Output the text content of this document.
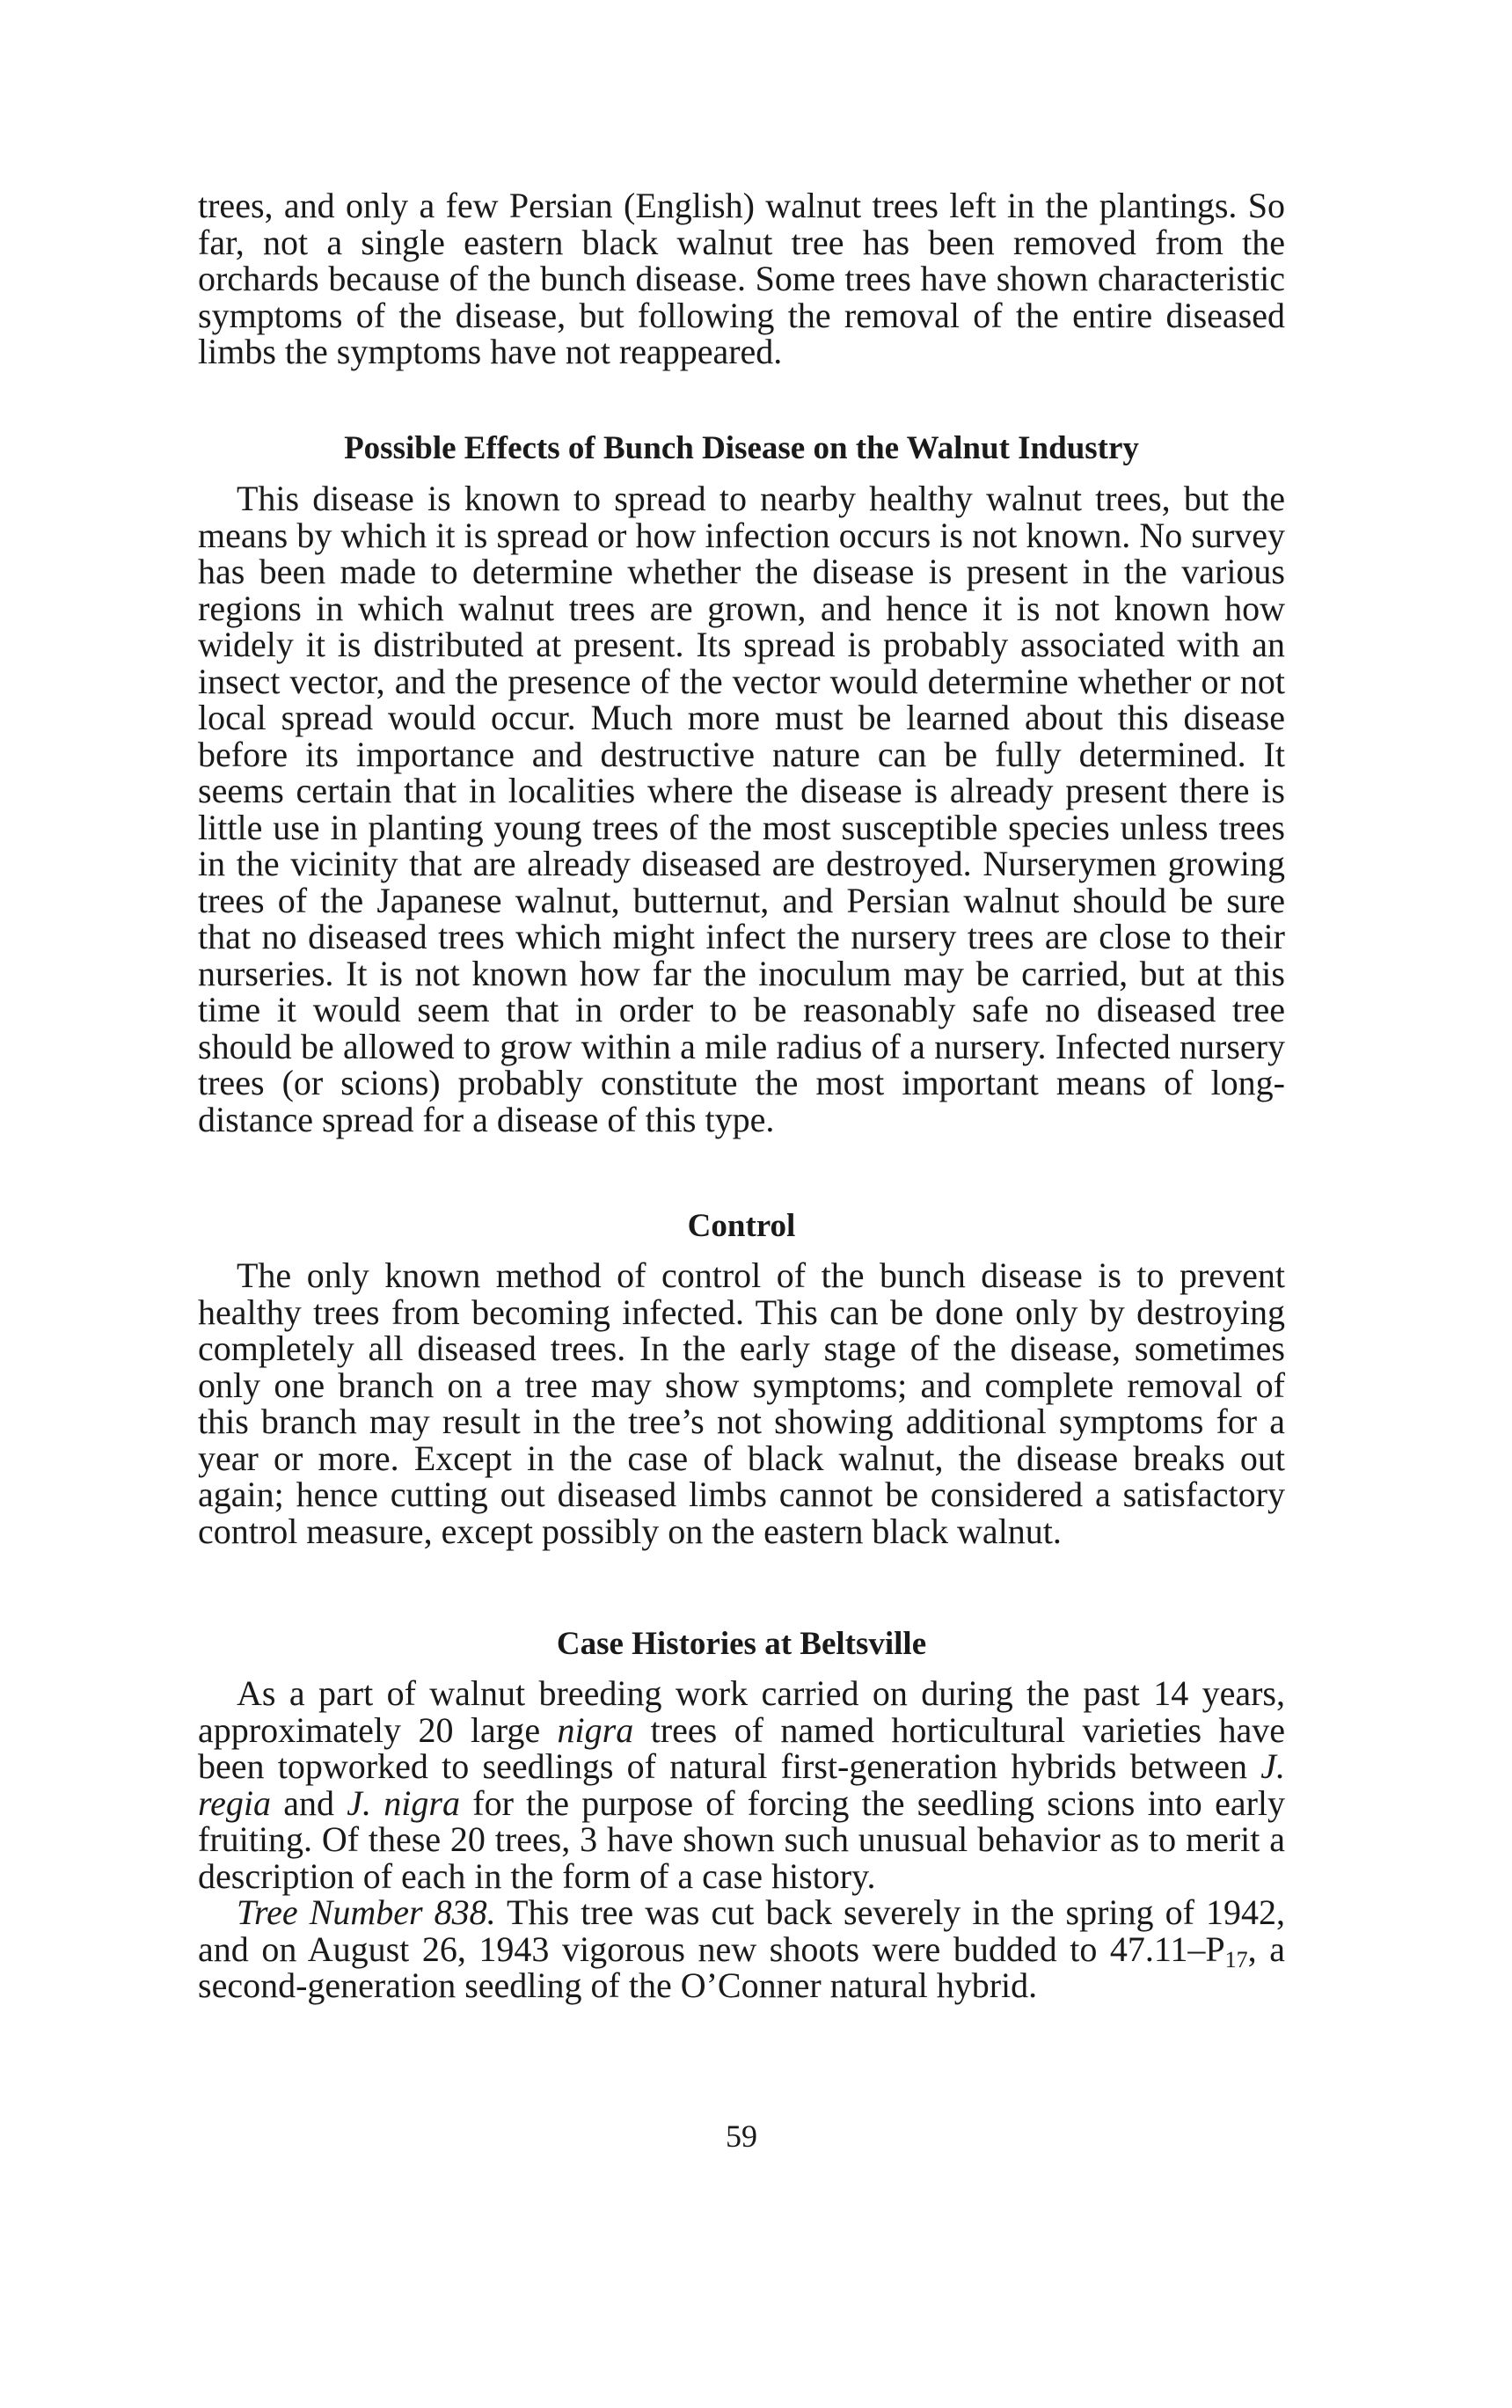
trees, and only a few Persian (English) walnut trees left in the plantings. So far, not a single eastern black walnut tree has been removed from the orchards because of the bunch disease. Some trees have shown characteristic symptoms of the disease, but following the removal of the entire diseased limbs the symptoms have not reappeared.

Possible Effects of Bunch Disease on the Walnut Industry

This disease is known to spread to nearby healthy walnut trees, but the means by which it is spread or how infection occurs is not known. No survey has been made to determine whether the disease is present in the various regions in which walnut trees are grown, and hence it is not known how widely it is distributed at present. Its spread is probably associated with an insect vector, and the presence of the vector would determine whether or not local spread would occur. Much more must be learned about this disease before its importance and destructive nature can be fully determined. It seems certain that in localities where the disease is already present there is little use in planting young trees of the most susceptible species unless trees in the vicinity that are already diseased are destroyed. Nurserymen growing trees of the Japanese walnut, butternut, and Persian walnut should be sure that no diseased trees which might infect the nursery trees are close to their nurseries. It is not known how far the inoculum may be carried, but at this time it would seem that in order to be reasonably safe no diseased tree should be allowed to grow within a mile radius of a nursery. Infected nursery trees (or scions) probably constitute the most important means of long-distance spread for a disease of this type.

Control

The only known method of control of the bunch disease is to prevent healthy trees from becoming infected. This can be done only by destroying completely all diseased trees. In the early stage of the disease, sometimes only one branch on a tree may show symptoms; and complete removal of this branch may result in the tree’s not showing additional symptoms for a year or more. Except in the case of black walnut, the disease breaks out again; hence cutting out diseased limbs cannot be considered a satisfactory control measure, except possibly on the eastern black walnut.

Case Histories at Beltsville

As a part of walnut breeding work carried on during the past 14 years, approximately 20 large nigra trees of named horticultural varieties have been topworked to seedlings of natural first-generation hybrids between J. regia and J. nigra for the purpose of forcing the seedling scions into early fruiting. Of these 20 trees, 3 have shown such unusual behavior as to merit a description of each in the form of a case history.

Tree Number 838. This tree was cut back severely in the spring of 1942, and on August 26, 1943 vigorous new shoots were budded to $47.11-P_{17}$, a second-generation seedling of the O’Conner natural hybrid.

59
